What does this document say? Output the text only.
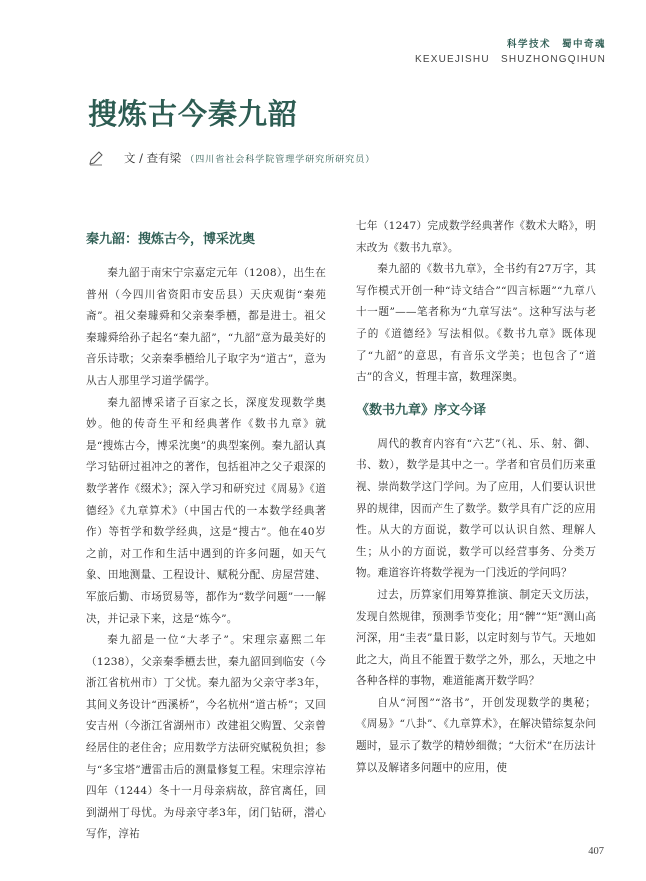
科学技术　蜀中奇魂
KEXUEJISHU　SHUZHONGQIHUN
搜炼古今秦九韶
文 / 查有梁 （四川省社会科学院管理学研究所研究员）
秦九韶：搜炼古今，博采沈奥

秦九韶于南宋宁宗嘉定元年（1208），出生在普州（今四川省资阳市安岳县）天庆观街“秦苑斋”。祖父秦璩舜和父亲秦季槱，都是进士。祖父秦璩舜给孙子起名“秦九韶”，“九韶”意为最美好的音乐诗歌；父亲秦季槱给儿子取字为“道古”，意为从古人那里学习道学儒学。

秦九韶博采诸子百家之长，深度发现数学奥妙。他的传奇生平和经典著作《数书九章》就是“搜炼古今，博采沈奥”的典型案例。秦九韶认真学习钻研过祖冲之的著作，包括祖冲之父子艰深的数学著作《缀术》；深入学习和研究过《周易》《道德经》《九章算术》（中国古代的一本数学经典著作）等哲学和数学经典，这是“搜古”。他在40岁之前，对工作和生活中遇到的许多问题，如天气象、田地测量、工程设计、赋税分配、房屋营建、军旅后勤、市场贸易等，都作为“数学问题”一一解决，并记录下来，这是“炼今”。

秦九韶是一位“大孝子”。宋理宗嘉熙二年（1238），父亲秦季槱去世，秦九韶回到临安（今浙江省杭州市）丁父忧。秦九韶为父亲守孝3年，其间义务设计“西溪桥”，今名杭州“道古桥”；又回安吉州（今浙江省湖州市）改建祖父购置、父亲曾经居住的老住舍；应用数学方法研究赋税负担；参与“多宝塔”遭雷击后的测量修复工程。宋理宗淳祐四年（1244）冬十一月母亲病故，辞官离任，回到湖州丁母忧。为母亲守孝3年，闭门钻研，潜心写作，淳祐

七年（1247）完成数学经典著作《数术大略》，明末改为《数书九章》。

秦九韶的《数书九章》，全书约有27万字，其写作模式开创一种“诗文结合”“四言标题”“九章八十一题”——笔者称为“九章写法”。这种写法与老子的《道德经》写法相似。《数书九章》既体现了“九韶”的意思，有音乐文学美；也包含了“道古”的含义，哲理丰富，数理深奥。

《数书九章》序文今译

周代的教育内容有“六艺”（礼、乐、射、御、书、数），数学是其中之一。学者和官员们历来重视、崇尚数学这门学问。为了应用，人们要认识世界的规律，因而产生了数学。数学具有广泛的应用性。从大的方面说，数学可以认识自然、理解人生；从小的方面说，数学可以经营事务、分类万物。难道容许将数学视为一门浅近的学问吗？

过去，历算家们用筹算推演、制定天文历法，发现自然规律，预测季节变化；用“髀”“矩”测山高河深，用“圭表”量日影，以定时刻与节气。天地如此之大，尚且不能置于数学之外，那么，天地之中各种各样的事物，难道能离开数学吗？

自从“河图”“洛书”，开创发现数学的奥秘；《周易》“八卦”、《九章算术》，在解决错综复杂问题时，显示了数学的精妙细微；“大衍术”在历法计算以及解诸多问题中的应用，使

407
